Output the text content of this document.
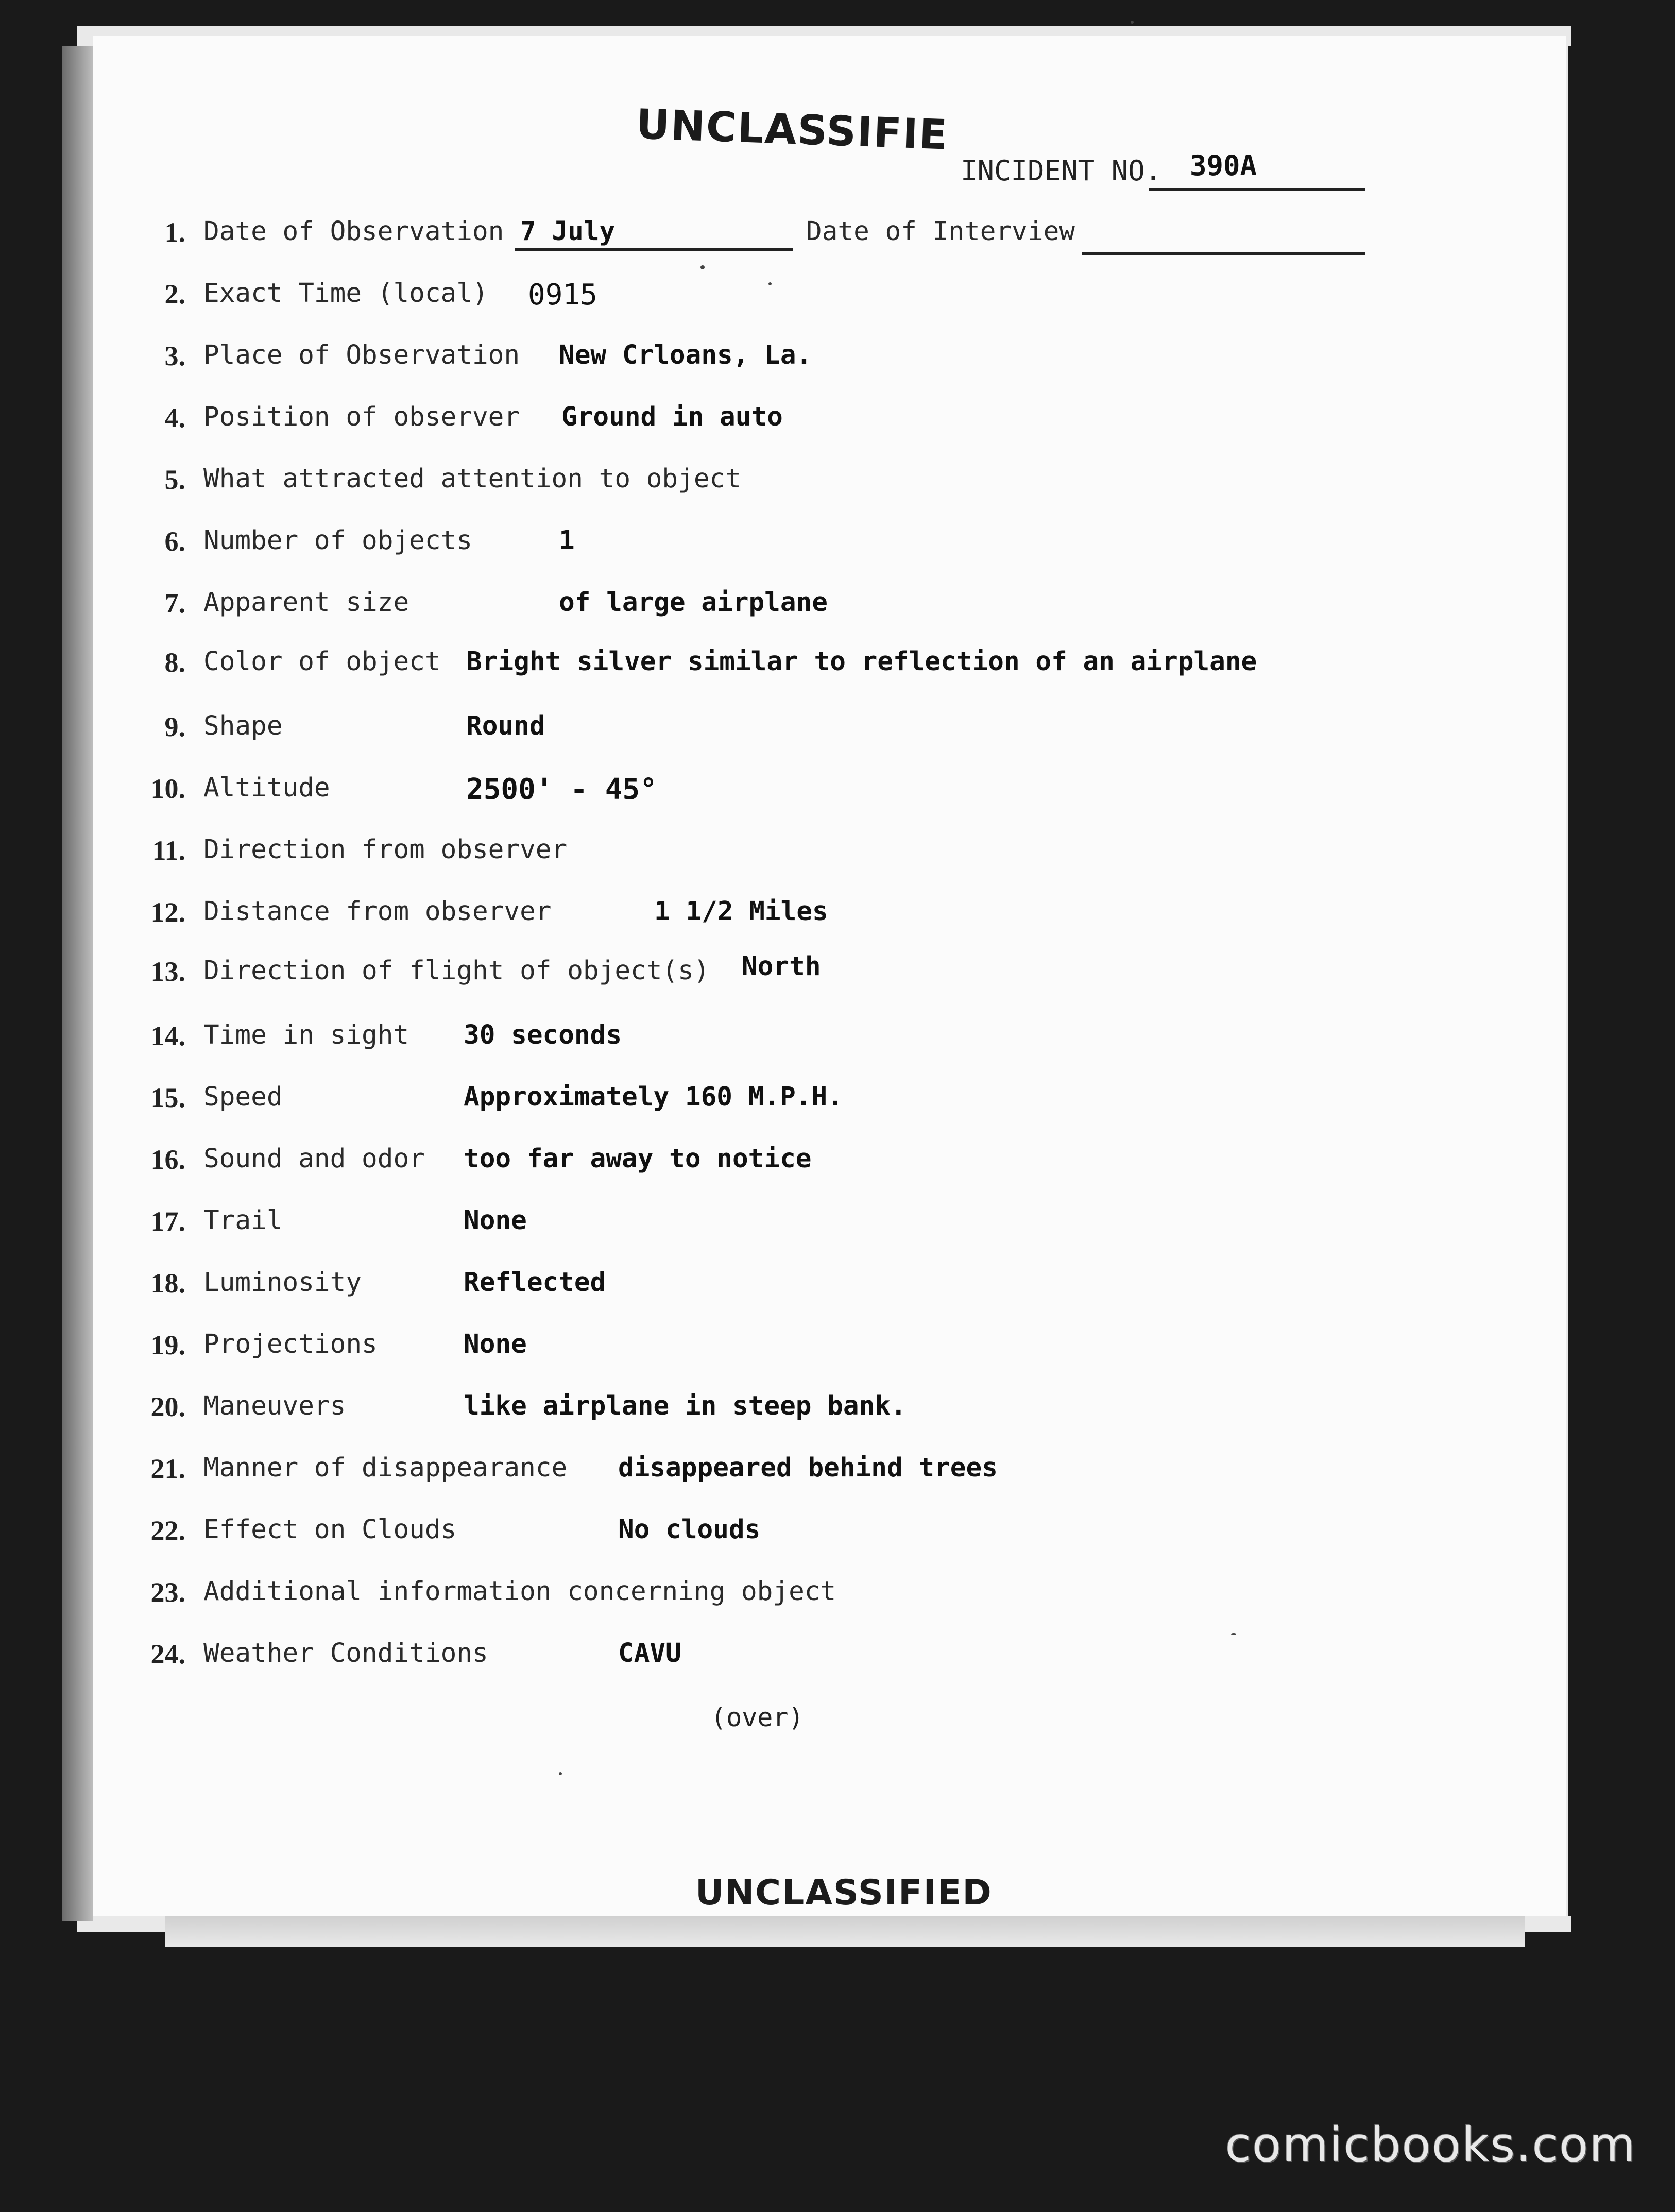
UNCLASSIFIE
INCIDENT NO. 390A
1. Date of Observation 7 July	Date of Interview
2. Exact Time (local) 0915
3. Place of Observation New Crloans, La.
4. Position of observer Ground in auto
5. What attracted attention to object
6. Number of objects	1
7. Apparent size	of large airplane
8. Color of object Bright silver similar to reflection of an airplane
9. Shape	Round
10. Altitude	2500' - 45°
11. Direction from observer
12. Distance from observer	1 1/2 Miles
13. Direction of flight of object(s) North
14. Time in sight 30 seconds
15. Speed	Approximately 160 M.P.H.
16. Sound and odor too far away to notice
17. Trail	None
18. Luminosity	Reflected
19. Projections	None
20. Maneuvers	like airplane in steep bank.
21. Manner of disappearance disappeared behind trees
22. Effect on Clouds	No clouds
23. Additional information concerning object
24. Weather Conditions	CAVU
(over)
UNCLASSIFIED
comicbooks.com
